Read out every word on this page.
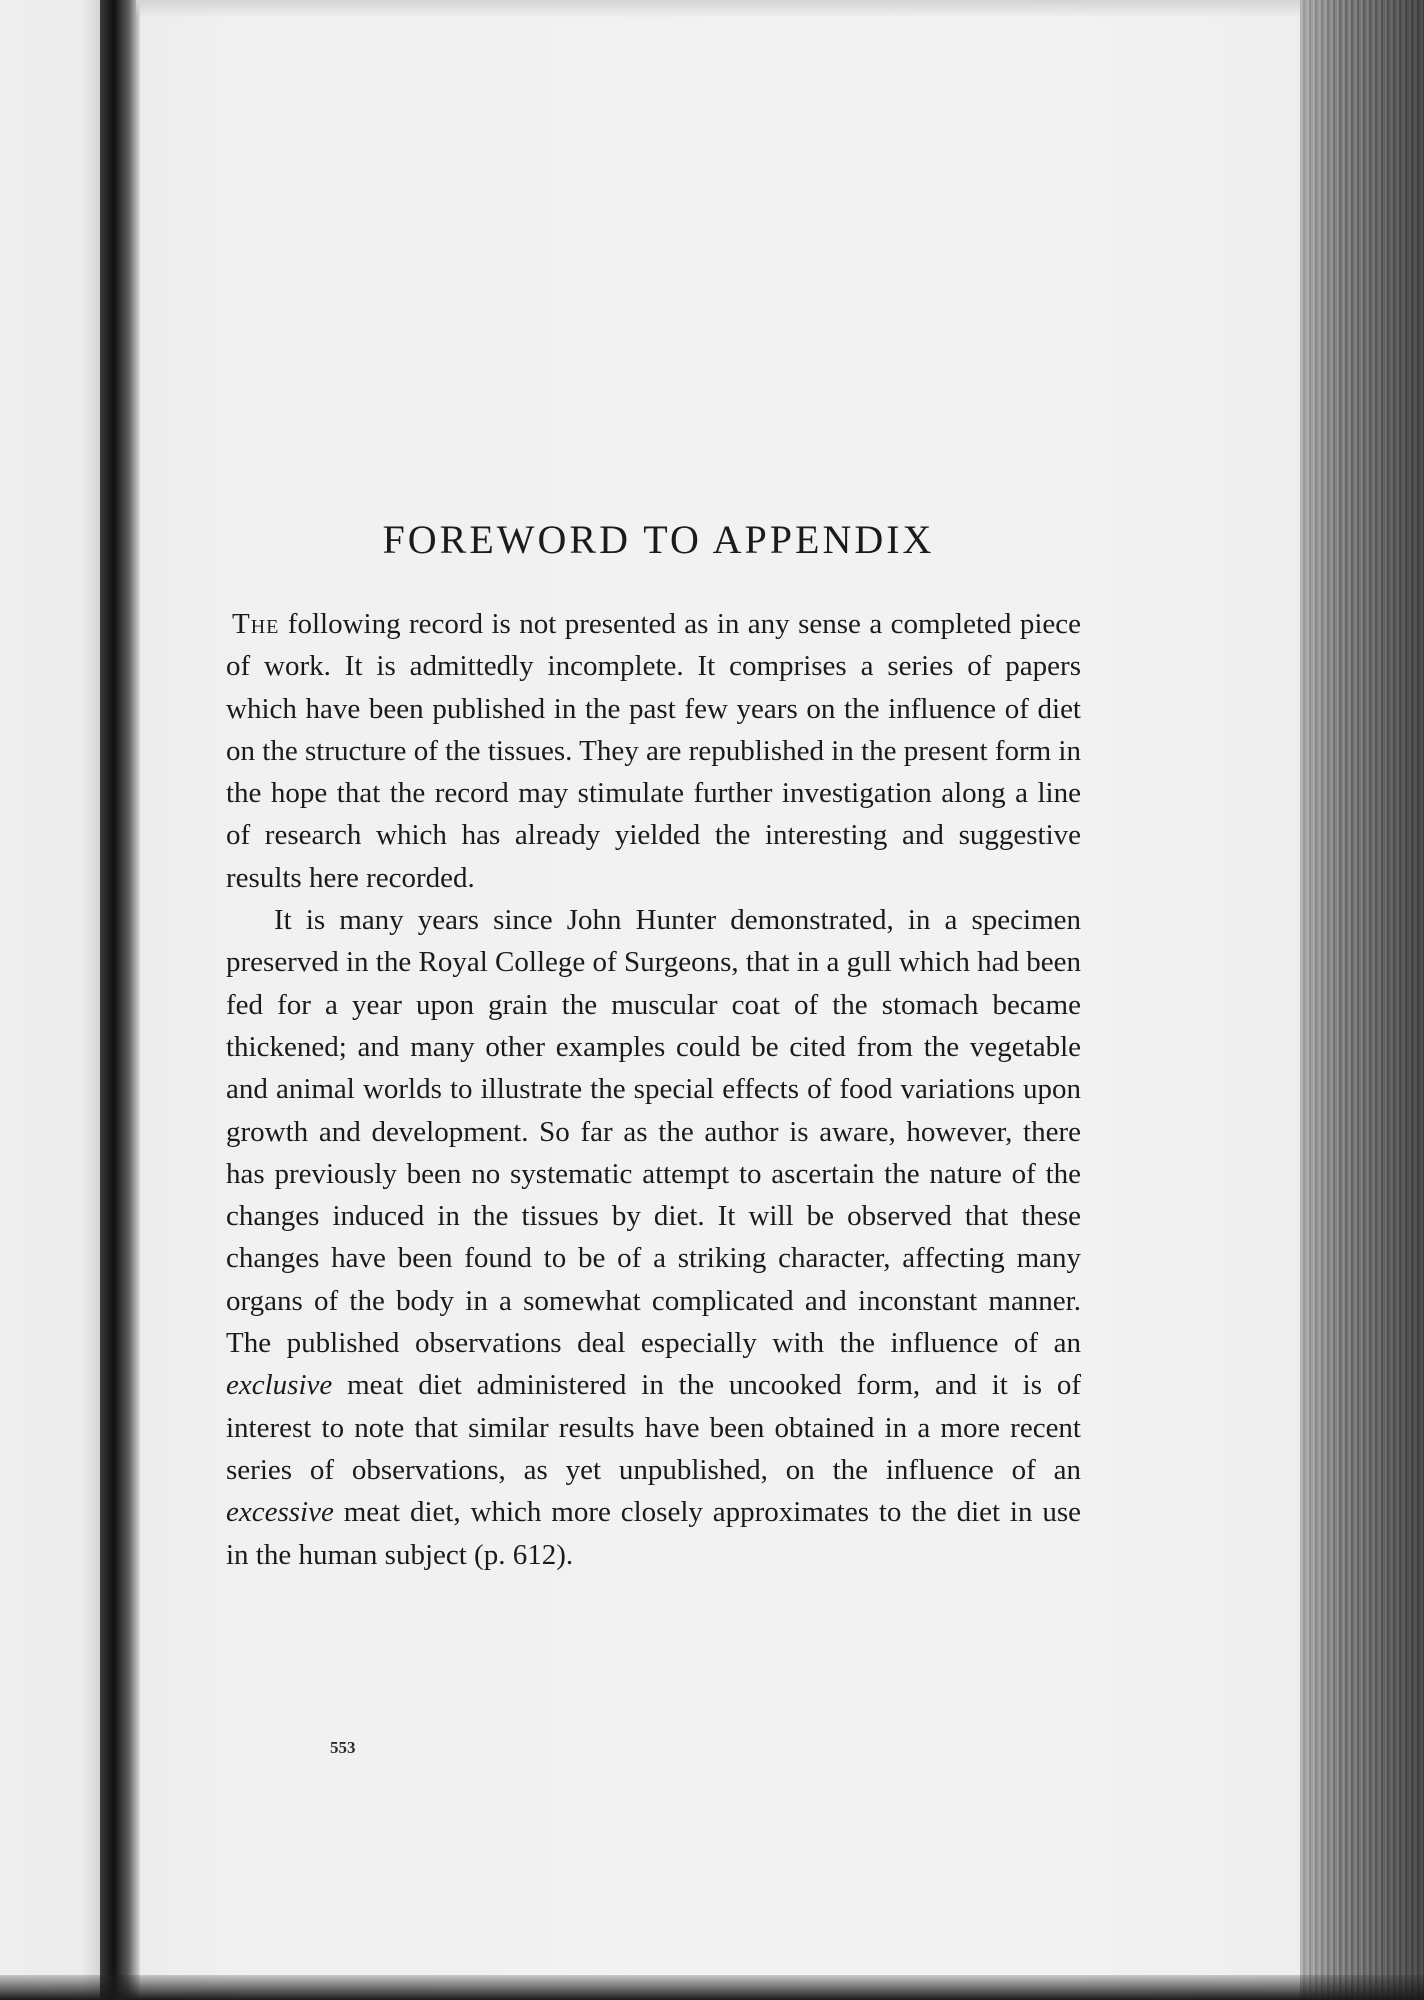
FOREWORD TO APPENDIX

The following record is not presented as in any sense a completed piece of work. It is admittedly incomplete. It comprises a series of papers which have been published in the past few years on the influence of diet on the structure of the tissues. They are republished in the present form in the hope that the record may stimulate further investigation along a line of research which has already yielded the interesting and suggestive results here recorded.

It is many years since John Hunter demonstrated, in a specimen preserved in the Royal College of Surgeons, that in a gull which had been fed for a year upon grain the muscular coat of the stomach became thickened; and many other examples could be cited from the vegetable and animal worlds to illustrate the special effects of food variations upon growth and development. So far as the author is aware, however, there has previously been no systematic attempt to ascertain the nature of the changes induced in the tissues by diet. It will be observed that these changes have been found to be of a striking character, affecting many organs of the body in a somewhat complicated and inconstant manner. The published observations deal especially with the influence of an exclusive meat diet administered in the uncooked form, and it is of interest to note that similar results have been obtained in a more recent series of observations, as yet unpublished, on the influence of an excessive meat diet, which more closely approximates to the diet in use in the human subject (p. 612).

553
